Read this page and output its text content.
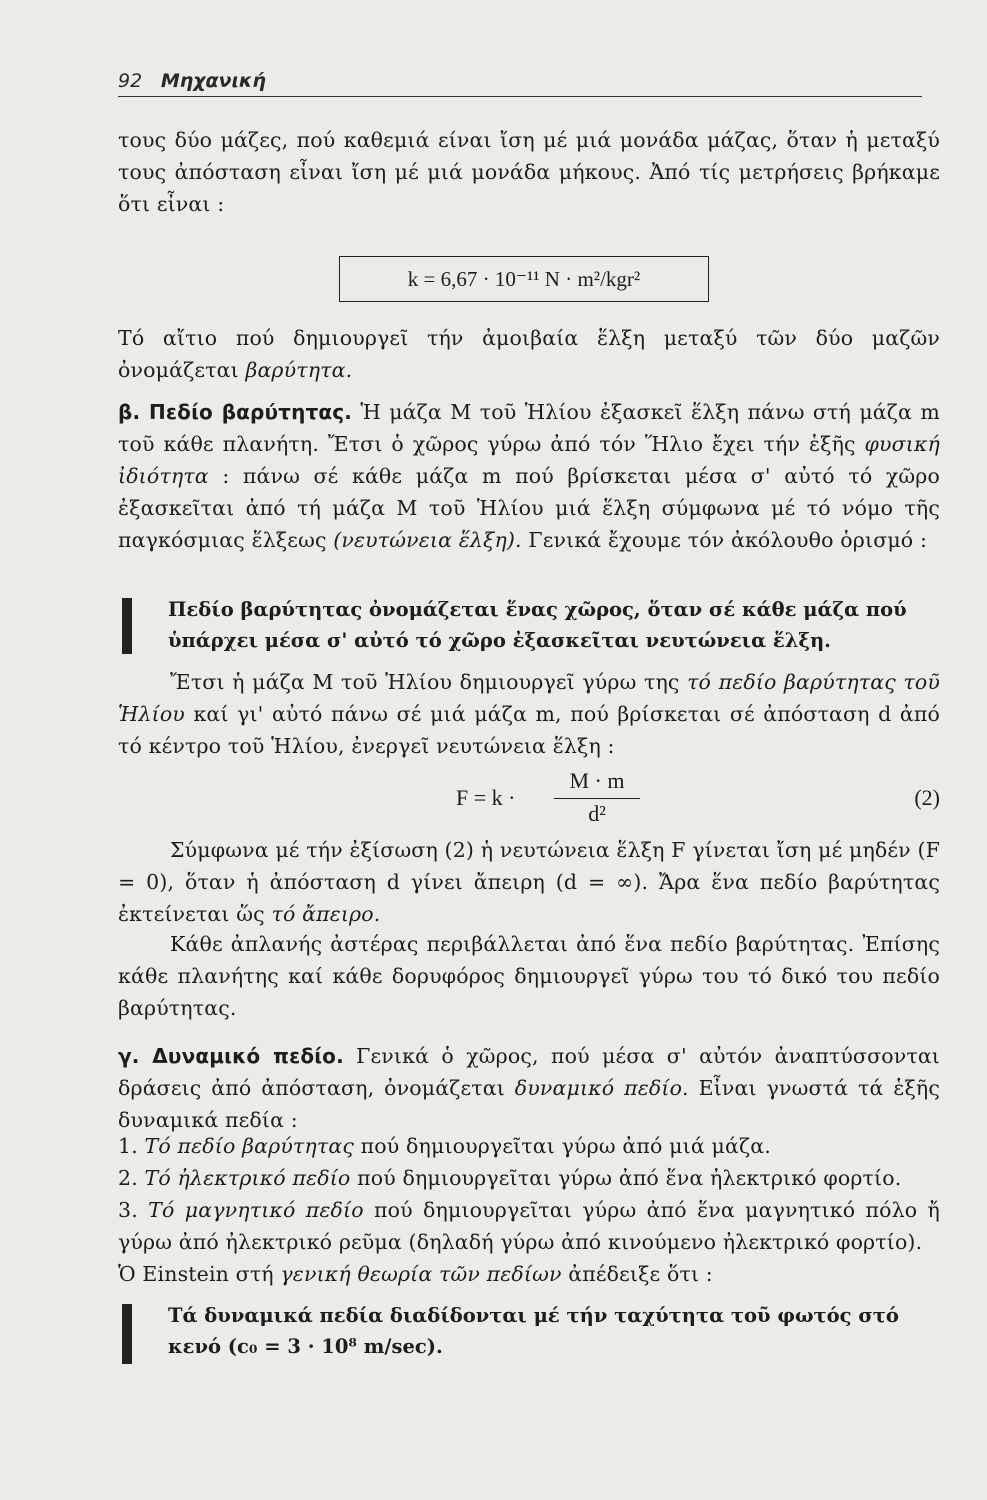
92 Μηχανική
τους δύο μάζες, πού καθεμιά είναι ἴση μέ μιά μονάδα μάζας, ὅταν ἡ μεταξύ τους ἀπόσταση εἶναι ἴση μέ μιά μονάδα μήκους. Ἀπό τίς μετρήσεις βρήκαμε ὅτι εἶναι :
k = 6,67 · 10⁻¹¹ N · m²/kgr²
Τό αἴτιο πού δημιουργεῖ τήν ἀμοιβαία ἕλξη μεταξύ τῶν δύο μαζῶν ὀνομάζεται βαρύτητα.
β. Πεδίο βαρύτητας. Ἡ μάζα M τοῦ Ἡλίου ἐξασκεῖ ἕλξη πάνω στή μάζα m τοῦ κάθε πλανήτη. Ἔτσι ὁ χῶρος γύρω ἀπό τόν Ἥλιο ἔχει τήν ἑξῆς φυσική ἰδιότητα : πάνω σέ κάθε μάζα m πού βρίσκεται μέσα σ' αὐτό τό χῶρο ἐξασκεῖται ἀπό τή μάζα M τοῦ Ἡλίου μιά ἕλξη σύμφωνα μέ τό νόμο τῆς παγκόσμιας ἕλξεως (νευτώνεια ἕλξη). Γενικά ἔχουμε τόν ἀκόλουθο ὁρισμό :
Πεδίο βαρύτητας ὀνομάζεται ἕνας χῶρος, ὅταν σέ κάθε μάζα πού ὑπάρχει μέσα σ' αὐτό τό χῶρο ἐξασκεῖται νευτώνεια ἕλξη.
Ἔτσι ἡ μάζα M τοῦ Ἡλίου δημιουργεῖ γύρω της τό πεδίο βαρύτητας τοῦ Ἡλίου καί γι' αὐτό πάνω σέ μιά μάζα m, πού βρίσκεται σέ ἀπόσταση d ἀπό τό κέντρο τοῦ Ἡλίου, ἐνεργεῖ νευτώνεια ἕλξη :
F = k ·
M · m
d²
(2)
Σύμφωνα μέ τήν ἐξίσωση (2) ἡ νευτώνεια ἕλξη F γίνεται ἴση μέ μηδέν (F = 0), ὅταν ἡ ἀπόσταση d γίνει ἄπειρη (d = ∞). Ἄρα ἕνα πεδίο βαρύτητας ἐκτείνεται ὥς τό ἄπειρο.
Κάθε ἀπλανής ἀστέρας περιβάλλεται ἀπό ἕνα πεδίο βαρύτητας. Ἐπίσης κάθε πλανήτης καί κάθε δορυφόρος δημιουργεῖ γύρω του τό δικό του πεδίο βαρύτητας.
γ. Δυναμικό πεδίο. Γενικά ὁ χῶρος, πού μέσα σ' αὐτόν ἀναπτύσσονται δράσεις ἀπό ἀπόσταση, ὀνομάζεται δυναμικό πεδίο. Εἶναι γνωστά τά ἑξῆς δυναμικά πεδία :
1. Τό πεδίο βαρύτητας πού δημιουργεῖται γύρω ἀπό μιά μάζα.
2. Τό ἠλεκτρικό πεδίο πού δημιουργεῖται γύρω ἀπό ἕνα ἠλεκτρικό φορτίο.
3. Τό μαγνητικό πεδίο πού δημιουργεῖται γύρω ἀπό ἕνα μαγνητικό πόλο ἤ γύρω ἀπό ἠλεκτρικό ρεῦμα (δηλαδή γύρω ἀπό κινούμενο ἠλεκτρικό φορτίο).
Ὁ Einstein στή γενική θεωρία τῶν πεδίων ἀπέδειξε ὅτι :
Τά δυναμικά πεδία διαδίδονται μέ τήν ταχύτητα τοῦ φωτός στό κενό (c₀ = 3 · 10⁸ m/sec).
